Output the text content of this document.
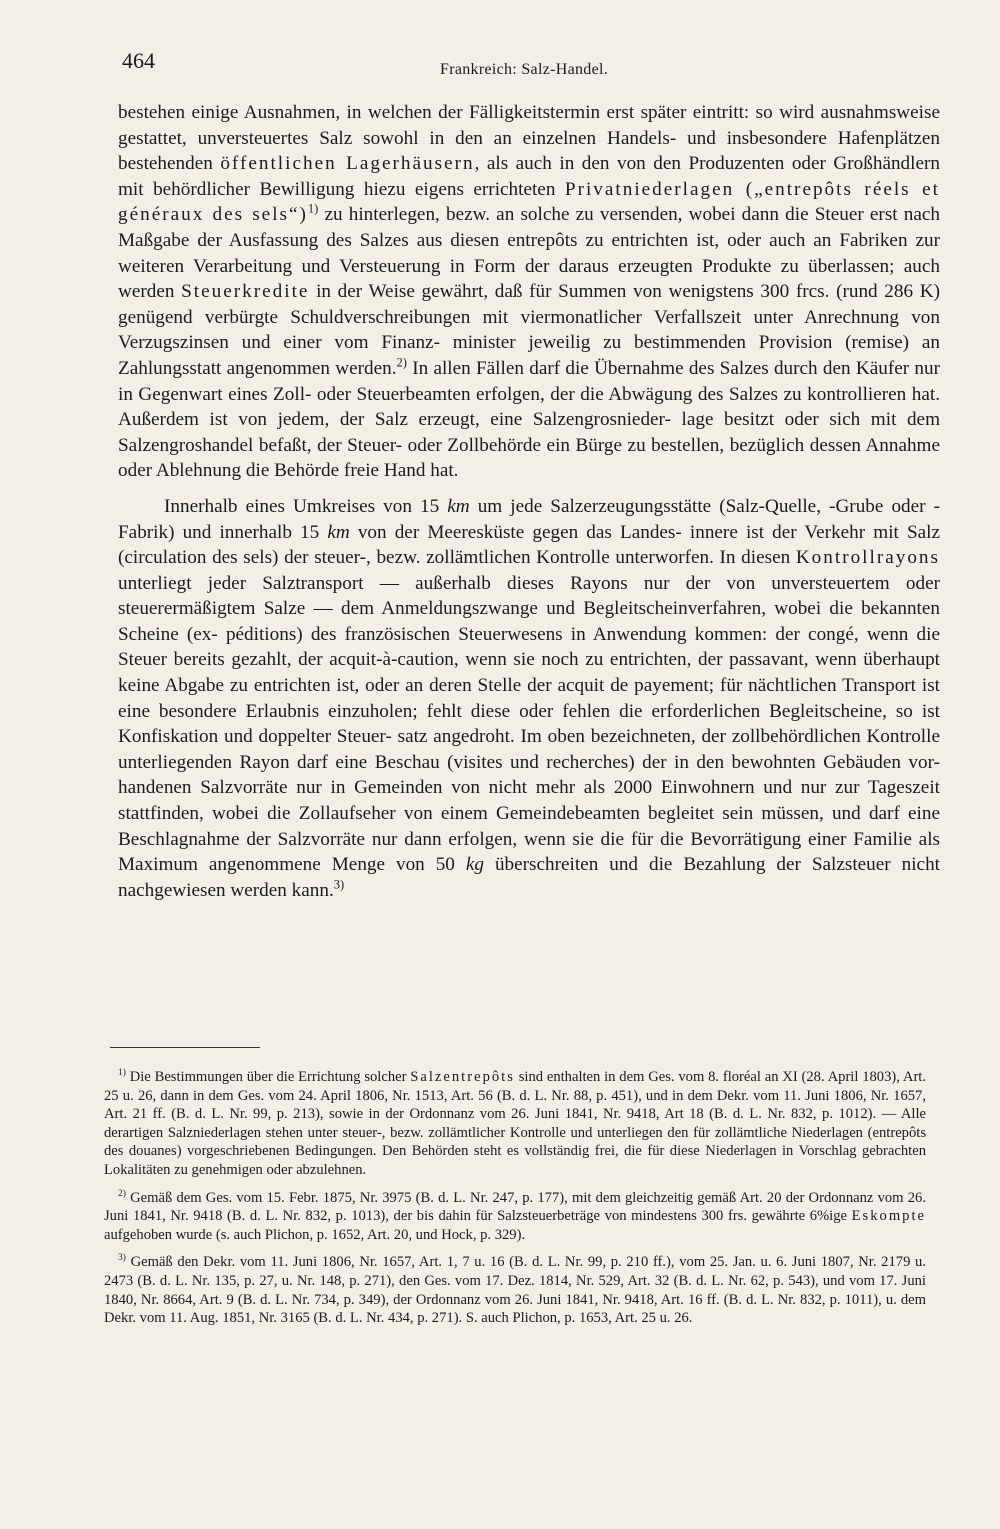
464	Frankreich: Salz-Handel.

bestehen einige Ausnahmen, in welchen der Fälligkeitstermin erst später eintritt: so wird ausnahmsweise gestattet, unversteuertes Salz sowohl in den an einzelnen Handels- und insbesondere Hafenplätzen bestehenden öffentlichen Lagerhäusern, als auch in den von den Produzenten oder Großhändlern mit behördlicher Bewilligung hiezu eigens errichteten Privatniederlagen („entrepôts réels et généraux des sels“)$^{1)}$ zu hinterlegen, bezw. an solche zu versenden, wobei dann die Steuer erst nach Maßgabe der Ausfassung des Salzes aus diesen entrepôts zu entrichten ist, oder auch an Fabriken zur weiteren Verarbeitung und Versteuerung in Form der daraus erzeugten Produkte zu überlassen; auch werden Steuerkredite in der Weise gewährt, daß für Summen von wenigstens 300 frcs. (rund 286 K) genügend verbürgte Schuldverschreibungen mit viermonatlicher Verfallszeit unter Anrechnung von Verzugszinsen und einer vom Finanz- minister jeweilig zu bestimmenden Provision (remise) an Zahlungsstatt angenommen werden.$^{2)}$ In allen Fällen darf die Übernahme des Salzes durch den Käufer nur in Gegenwart eines Zoll- oder Steuerbeamten erfolgen, der die Abwägung des Salzes zu kontrollieren hat. Außerdem ist von jedem, der Salz erzeugt, eine Salzengrosnieder- lage besitzt oder sich mit dem Salzengroshandel befaßt, der Steuer- oder Zollbehörde ein Bürge zu bestellen, bezüglich dessen Annahme oder Ablehnung die Behörde freie Hand hat.

Innerhalb eines Umkreises von 15 km um jede Salzerzeugungsstätte (Salz-Quelle, -Grube oder -Fabrik) und innerhalb 15 km von der Meeresküste gegen das Landes- innere ist der Verkehr mit Salz (circulation des sels) der steuer-, bezw. zollämtlichen Kontrolle unterworfen. In diesen Kontrollrayons unterliegt jeder Salztransport — außerhalb dieses Rayons nur der von unversteuertem oder steuerermäßigtem Salze — dem Anmeldungszwange und Begleitscheinverfahren, wobei die bekannten Scheine (ex- péditions) des französischen Steuerwesens in Anwendung kommen: der congé, wenn die Steuer bereits gezahlt, der acquit-à-caution, wenn sie noch zu entrichten, der passavant, wenn überhaupt keine Abgabe zu entrichten ist, oder an deren Stelle der acquit de payement; für nächtlichen Transport ist eine besondere Erlaubnis einzuholen; fehlt diese oder fehlen die erforderlichen Begleitscheine, so ist Konfiskation und doppelter Steuer- satz angedroht. Im oben bezeichneten, der zollbehördlichen Kontrolle unterliegenden Rayon darf eine Beschau (visites und recherches) der in den bewohnten Gebäuden vor- handenen Salzvorräte nur in Gemeinden von nicht mehr als 2000 Einwohnern und nur zur Tageszeit stattfinden, wobei die Zollaufseher von einem Gemeindebeamten begleitet sein müssen, und darf eine Beschlagnahme der Salzvorräte nur dann erfolgen, wenn sie die für die Bevorrätigung einer Familie als Maximum angenommene Menge von 50 kg überschreiten und die Bezahlung der Salzsteuer nicht nachgewiesen werden kann.$^{3)}$

$^{1)}$ Die Bestimmungen über die Errichtung solcher Salzentrepôts sind enthalten in dem Ges. vom 8. floréal an XI (28. April 1803), Art. 25 u. 26, dann in dem Ges. vom 24. April 1806, Nr. 1513, Art. 56 (B. d. L. Nr. 88, p. 451), und in dem Dekr. vom 11. Juni 1806, Nr. 1657, Art. 21 ff. (B. d. L. Nr. 99, p. 213), sowie in der Ordonnanz vom 26. Juni 1841, Nr. 9418, Art 18 (B. d. L. Nr. 832, p. 1012). — Alle derartigen Salzniederlagen stehen unter steuer-, bezw. zollämtlicher Kontrolle und unterliegen den für zollämtliche Niederlagen (entrepôts des douanes) vorgeschriebenen Bedingungen. Den Behörden steht es vollständig frei, die für diese Niederlagen in Vorschlag gebrachten Lokalitäten zu genehmigen oder abzulehnen.

$^{2)}$ Gemäß dem Ges. vom 15. Febr. 1875, Nr. 3975 (B. d. L. Nr. 247, p. 177), mit dem gleichzeitig gemäß Art. 20 der Ordonnanz vom 26. Juni 1841, Nr. 9418 (B. d. L. Nr. 832, p. 1013), der bis dahin für Salzsteuerbeträge von mindestens 300 frs. gewährte 6%ige Eskompte aufgehoben wurde (s. auch Plichon, p. 1652, Art. 20, und Hock, p. 329).

$^{3)}$ Gemäß den Dekr. vom 11. Juni 1806, Nr. 1657, Art. 1, 7 u. 16 (B. d. L. Nr. 99, p. 210 ff.), vom 25. Jan. u. 6. Juni 1807, Nr. 2179 u. 2473 (B. d. L. Nr. 135, p. 27, u. Nr. 148, p. 271), den Ges. vom 17. Dez. 1814, Nr. 529, Art. 32 (B. d. L. Nr. 62, p. 543), und vom 17. Juni 1840, Nr. 8664, Art. 9 (B. d. L. Nr. 734, p. 349), der Ordonnanz vom 26. Juni 1841, Nr. 9418, Art. 16 ff. (B. d. L. Nr. 832, p. 1011), u. dem Dekr. vom 11. Aug. 1851, Nr. 3165 (B. d. L. Nr. 434, p. 271). S. auch Plichon, p. 1653, Art. 25 u. 26.
